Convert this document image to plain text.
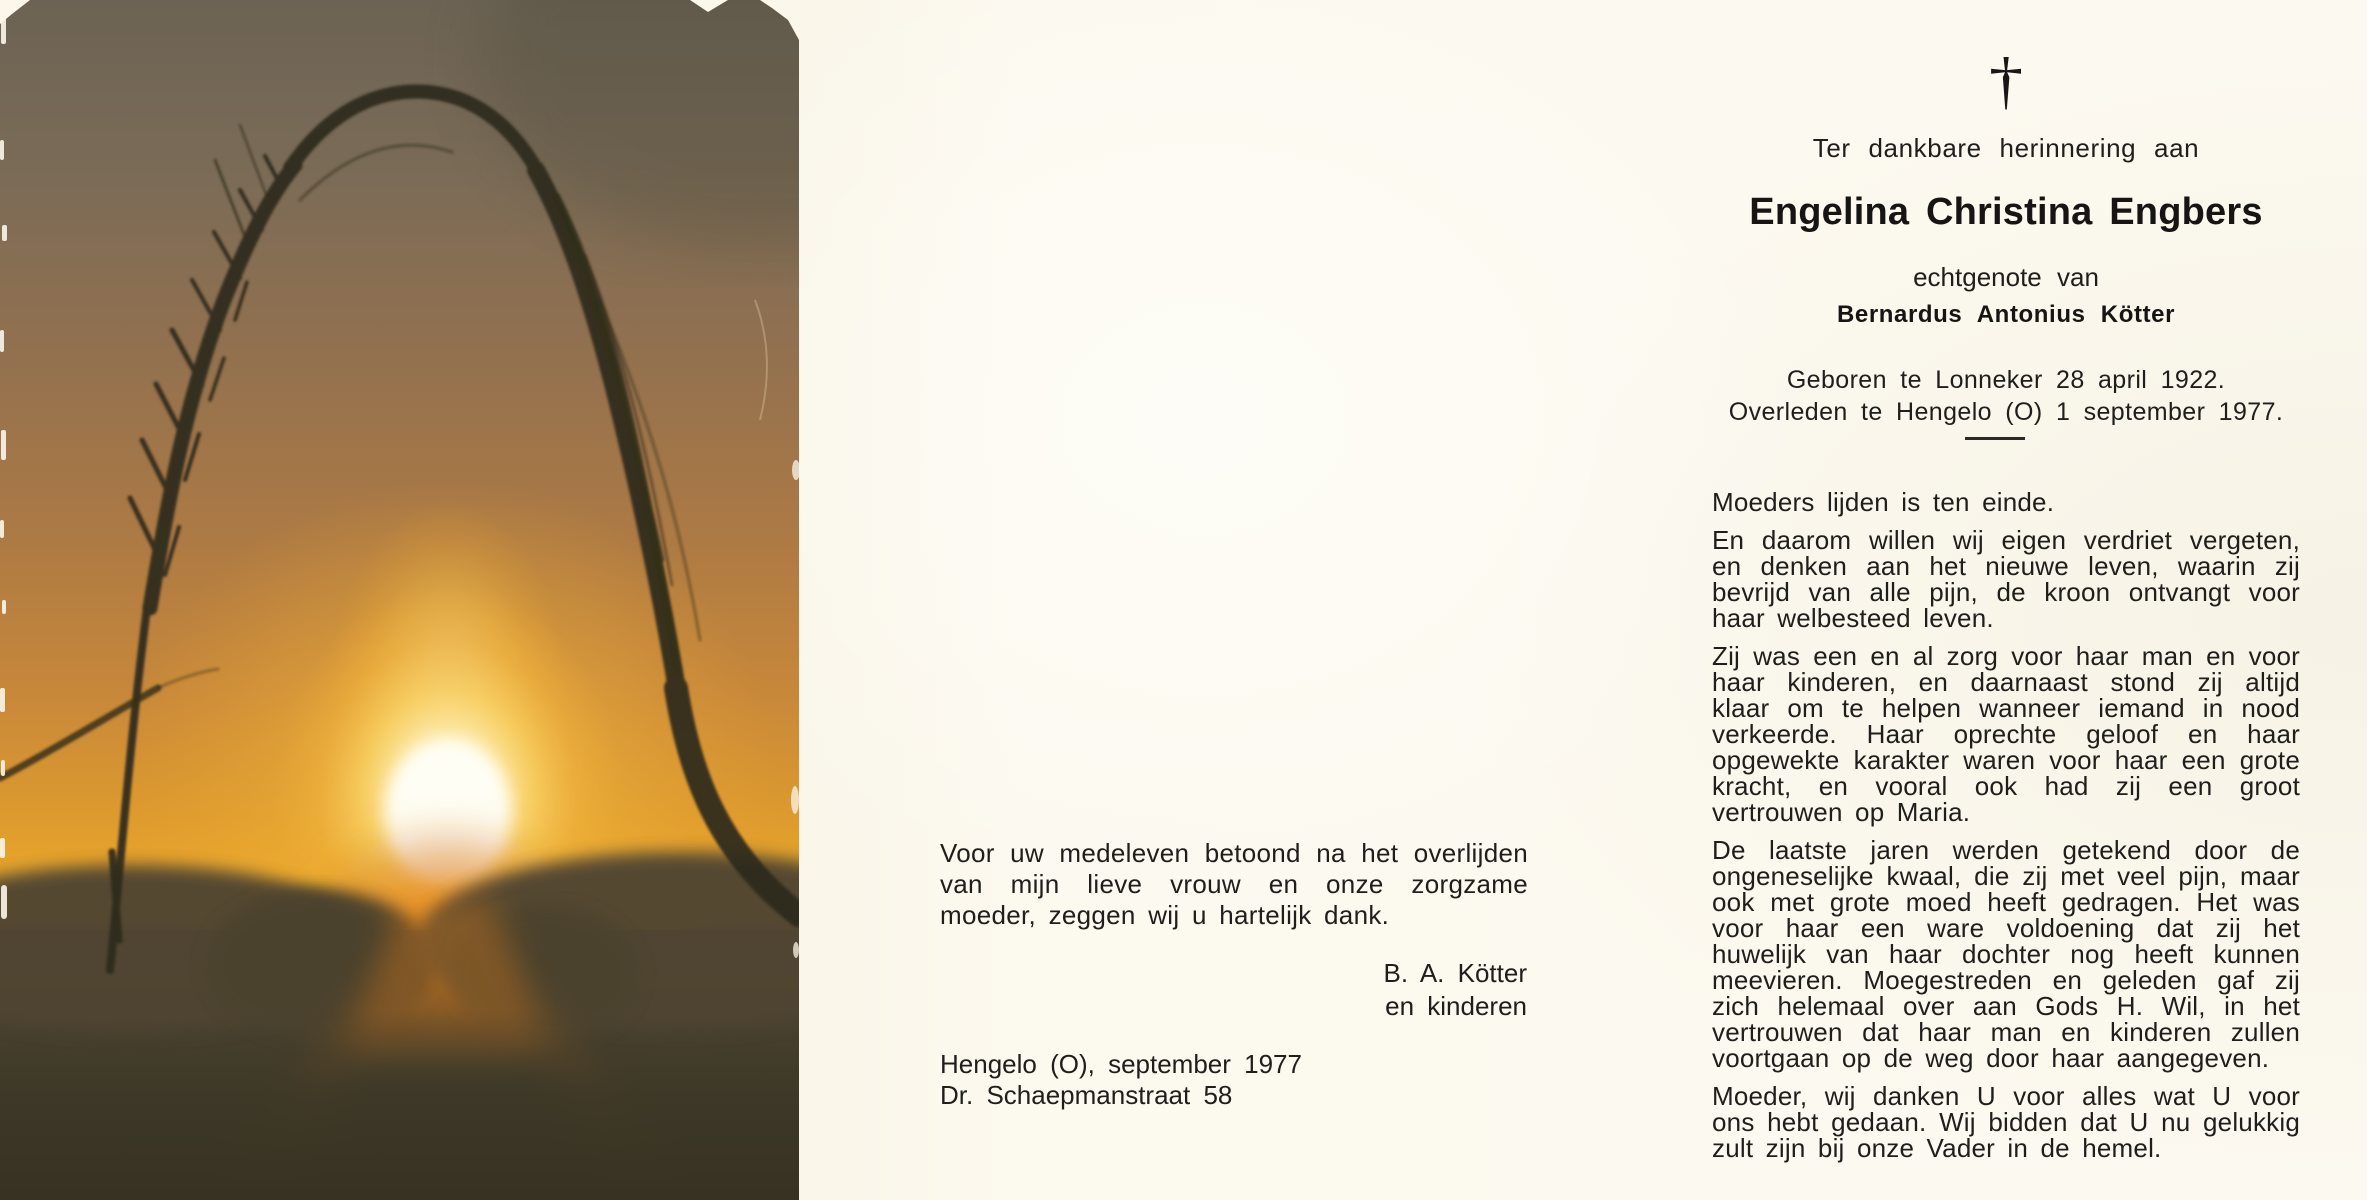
Voor uw medeleven betoond na het overlijden van mijn lieve vrouw en onze zorgzame moeder, zeggen wij u hartelijk dank.

B. A. Kötter
en kinderen
Hengelo (O), september 1977
Dr. Schaepmanstraat 58
†
Ter dankbare herinnering aan
Engelina Christina Engbers
echtgenote van
Bernardus Antonius Kötter
Geboren te Lonneker 28 april 1922.
Overleden te Hengelo (O) 1 september 1977.

Moeders lijden is ten einde.

En daarom willen wij eigen verdriet vergeten, en denken aan het nieuwe leven, waarin zij bevrijd van alle pijn, de kroon ontvangt voor haar welbesteed leven.

Zij was een en al zorg voor haar man en voor haar kinderen, en daarnaast stond zij altijd klaar om te helpen wanneer iemand in nood verkeerde. Haar oprechte geloof en haar opgewekte karakter waren voor haar een grote kracht, en vooral ook had zij een groot vertrouwen op Maria.

De laatste jaren werden getekend door de ongeneselijke kwaal, die zij met veel pijn, maar ook met grote moed heeft gedragen. Het was voor haar een ware voldoening dat zij het huwelijk van haar dochter nog heeft kunnen meevieren. Moegestreden en geleden gaf zij zich helemaal over aan Gods H. Wil, in het vertrouwen dat haar man en kinderen zullen voortgaan op de weg door haar aangegeven.

Moeder, wij danken U voor alles wat U voor ons hebt gedaan. Wij bidden dat U nu gelukkig zult zijn bij onze Vader in de hemel.
